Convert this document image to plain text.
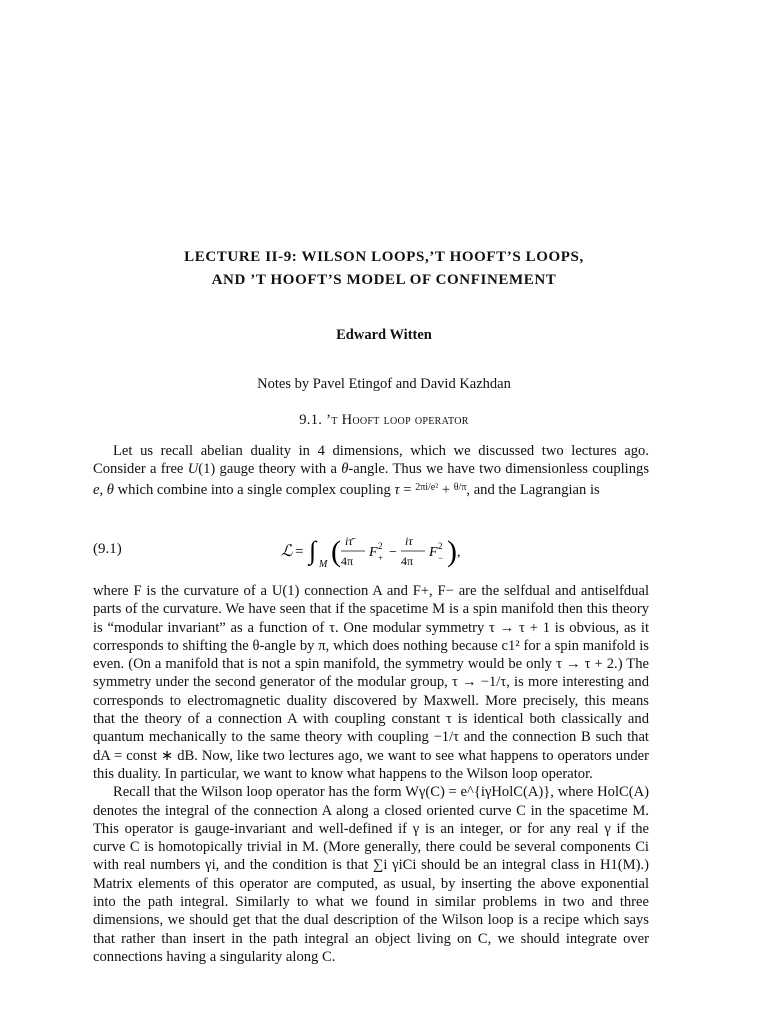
LECTURE II-9: WILSON LOOPS,’T HOOFT’S LOOPS,
AND ’T HOOFT’S MODEL OF CONFINEMENT
Edward Witten
Notes by Pavel Etingof and David Kazhdan
9.1. ’t Hooft loop operator

Let us recall abelian duality in 4 dimensions, which we discussed two lectures ago. Consider a free U(1) gauge theory with a θ-angle. Thus we have two dimensionless couplings e, θ which combine into a single complex coupling τ = $^{2\pi i/e^2}$ + $^{\theta/\pi}$, and the Lagrangian is

(9.1)	ℒ = ∫ M ( iτ̄
4π
F 2
+ −
iτ
4π
F 2
− ) ,

where F is the curvature of a U(1) connection A and F+, F− are the selfdual and antiselfdual parts of the curvature. We have seen that if the spacetime M is a spin manifold then this theory is “modular invariant” as a function of τ. One modular symmetry τ → τ + 1 is obvious, as it corresponds to shifting the θ-angle by π, which does nothing because c1² for a spin manifold is even. (On a manifold that is not a spin manifold, the symmetry would be only τ → τ + 2.) The symmetry under the second generator of the modular group, τ → −1/τ, is more interesting and corresponds to electromagnetic duality discovered by Maxwell. More precisely, this means that the theory of a connection A with coupling constant τ is identical both classically and quantum mechanically to the same theory with coupling −1/τ and the connection B such that dA = const ∗ dB. Now, like two lectures ago, we want to see what happens to operators under this duality. In particular, we want to know what happens to the Wilson loop operator.

Recall that the Wilson loop operator has the form Wγ(C) = e^{iγHolC(A)}, where HolC(A) denotes the integral of the connection A along a closed oriented curve C in the spacetime M. This operator is gauge-invariant and well-defined if γ is an integer, or for any real γ if the curve C is homotopically trivial in M. (More generally, there could be several components Ci with real numbers γi, and the condition is that ∑i γiCi should be an integral class in H1(M).) Matrix elements of this operator are computed, as usual, by inserting the above exponential into the path integral. Similarly to what we found in similar problems in two and three dimensions, we should get that the dual description of the Wilson loop is a recipe which says that rather than insert in the path integral an object living on C, we should integrate over connections having a singularity along C.
